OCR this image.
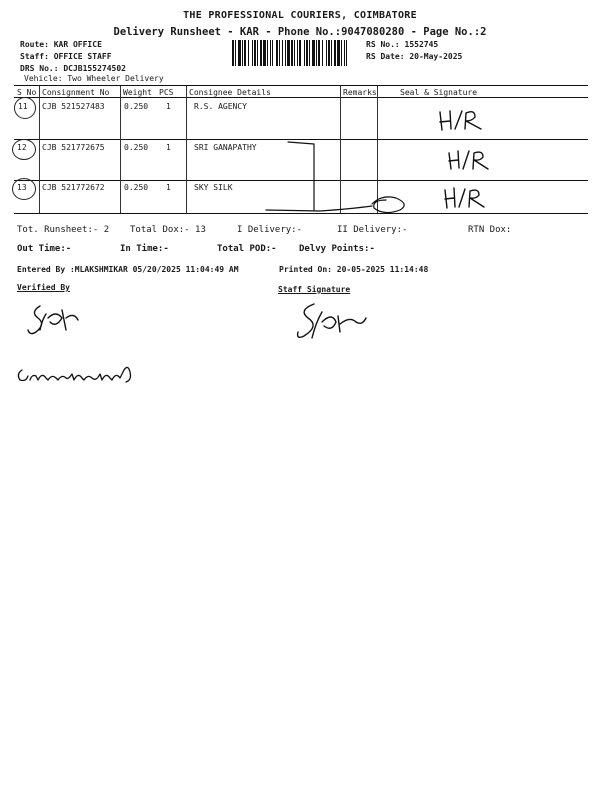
THE PROFESSIONAL COURIERS, COIMBATORE
Delivery Runsheet - KAR - Phone No.:9047080280 - Page No.:2
Route: KAR OFFICE
Staff: OFFICE STAFF
DRS No.: DCJB155274502
Vehicle: Two Wheeler Delivery
RS No.: 1552745
RS Date: 20-May-2025
S No Consignment No Weight PCS Consignee Details	Remarks	Seal & Signature
11 CJB 521527483 0.250 1	R.S. AGENCY
12 CJB 521772675 0.250 1	SRI GANAPATHY
13 CJB 521772672 0.250 1	SKY SILK
Tot. Runsheet:- 2 Total Dox:- 13	I Delivery:-	II Delivery:-	RTN Dox:
Out Time:-	In Time:-	Total POD:- Delvy Points:-
Entered By :MLAKSHMIKAR 05/20/2025 11:04:49 AM	Printed On: 20-05-2025 11:14:48
Verified By	Staff Signature
